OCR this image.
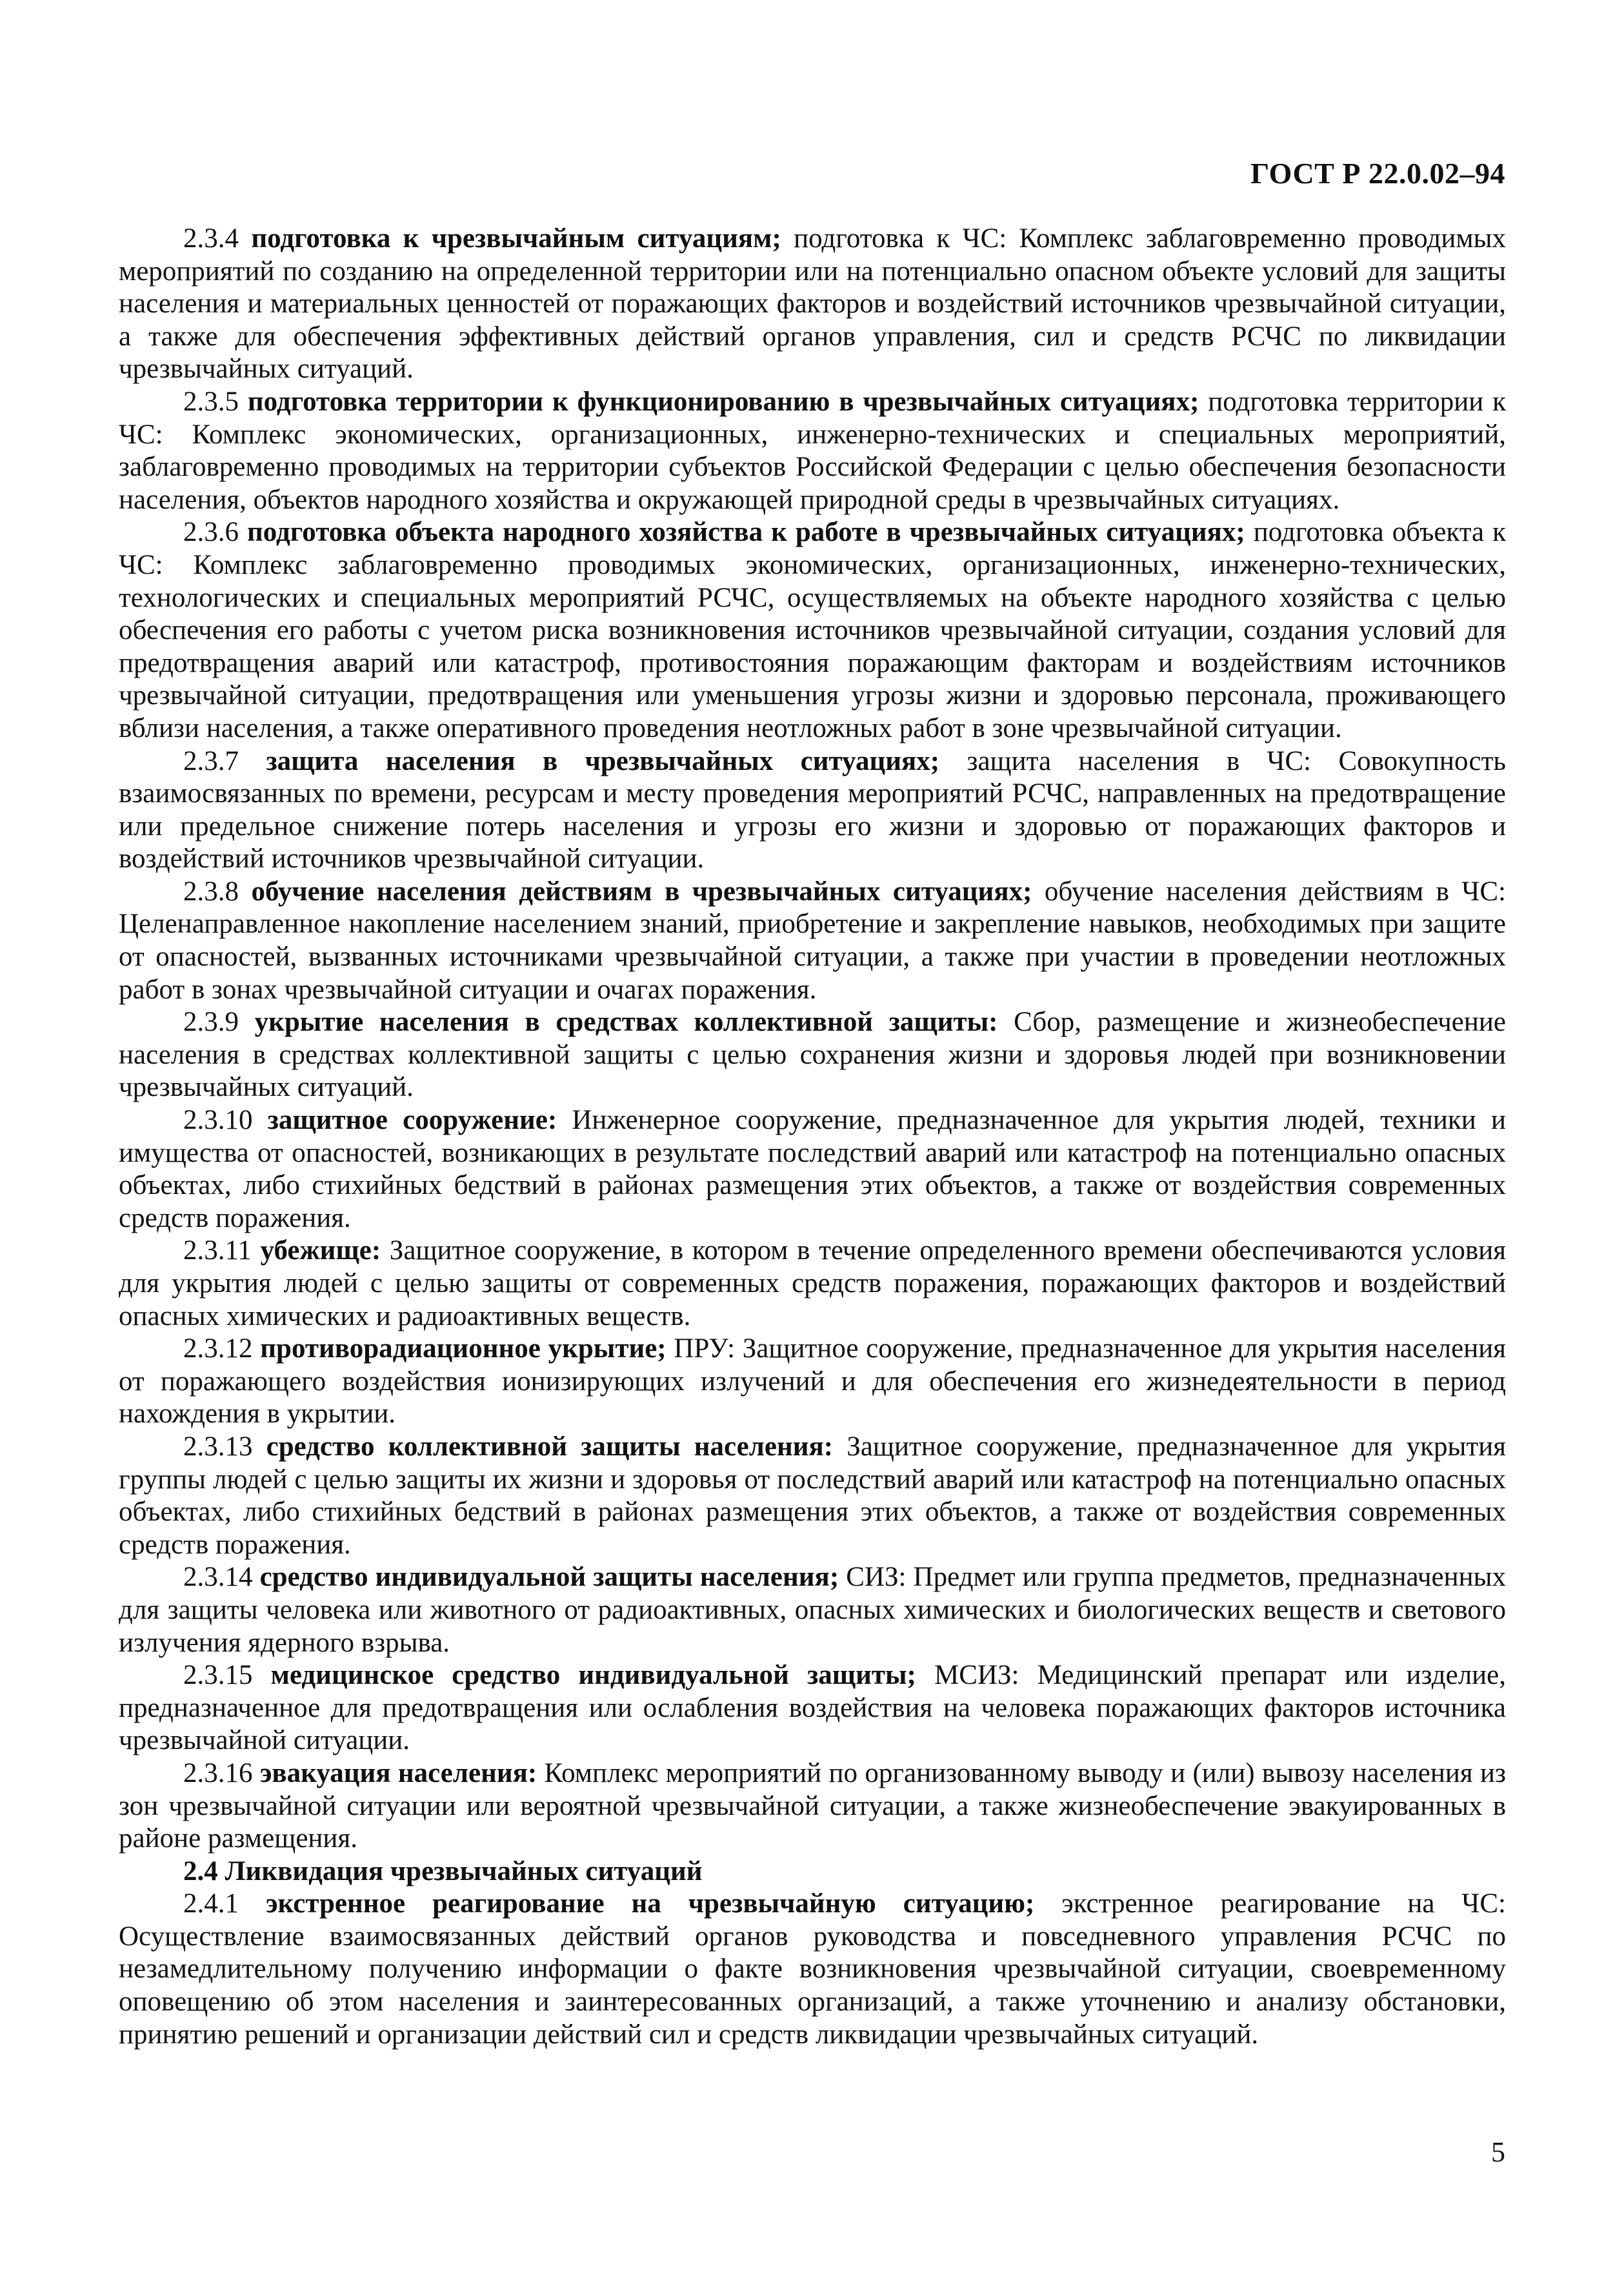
ГОСТ Р 22.0.02–94

2.3.4 подготовка к чрезвычайным ситуациям; подготовка к ЧС: Комплекс заблаговременно проводимых мероприятий по созданию на определенной территории или на потенциально опасном объекте условий для защиты населения и материальных ценностей от поражающих факторов и воздействий источников чрезвычайной ситуации, а также для обеспечения эффективных действий органов управления, сил и средств РСЧС по ликвидации чрезвычайных ситуаций.

2.3.5 подготовка территории к функционированию в чрезвычайных ситуациях; подготовка территории к ЧС: Комплекс экономических, организационных, инженерно-технических и специальных мероприятий, заблаговременно проводимых на территории субъектов Российской Федерации с целью обеспечения безопасности населения, объектов народного хозяйства и окружающей природной среды в чрезвычайных ситуациях.

2.3.6 подготовка объекта народного хозяйства к работе в чрезвычайных ситуациях; подготовка объекта к ЧС: Комплекс заблаговременно проводимых экономических, организационных, инженерно-технических, технологических и специальных мероприятий РСЧС, осуществляемых на объекте народного хозяйства с целью обеспечения его работы с учетом риска возникновения источников чрезвычайной ситуации, создания условий для предотвращения аварий или катастроф, противостояния поражающим факторам и воздействиям источников чрезвычайной ситуации, предотвращения или уменьшения угрозы жизни и здоровью персонала, проживающего вблизи населения, а также оперативного проведения неотложных работ в зоне чрезвычайной ситуации.

2.3.7 защита населения в чрезвычайных ситуациях; защита населения в ЧС: Совокупность взаимосвязанных по времени, ресурсам и месту проведения мероприятий РСЧС, направленных на предотвращение или предельное снижение потерь населения и угрозы его жизни и здоровью от поражающих факторов и воздействий источников чрезвычайной ситуации.

2.3.8 обучение населения действиям в чрезвычайных ситуациях; обучение населения действиям в ЧС: Целенаправленное накопление населением знаний, приобретение и закрепление навыков, необходимых при защите от опасностей, вызванных источниками чрезвычайной ситуации, а также при участии в проведении неотложных работ в зонах чрезвычайной ситуации и очагах поражения.

2.3.9 укрытие населения в средствах коллективной защиты: Сбор, размещение и жизнеобеспечение населения в средствах коллективной защиты с целью сохранения жизни и здоровья людей при возникновении чрезвычайных ситуаций.

2.3.10 защитное сооружение: Инженерное сооружение, предназначенное для укрытия людей, техники и имущества от опасностей, возникающих в результате последствий аварий или катастроф на потенциально опасных объектах, либо стихийных бедствий в районах размещения этих объектов, а также от воздействия современных средств поражения.

2.3.11 убежище: Защитное сооружение, в котором в течение определенного времени обеспечиваются условия для укрытия людей с целью защиты от современных средств поражения, поражающих факторов и воздействий опасных химических и радиоактивных веществ.

2.3.12 противорадиационное укрытие; ПРУ: Защитное сооружение, предназначенное для укрытия населения от поражающего воздействия ионизирующих излучений и для обеспечения его жизнедеятельности в период нахождения в укрытии.

2.3.13 средство коллективной защиты населения: Защитное сооружение, предназначенное для укрытия группы людей с целью защиты их жизни и здоровья от последствий аварий или катастроф на потенциально опасных объектах, либо стихийных бедствий в районах размещения этих объектов, а также от воздействия современных средств поражения.

2.3.14 средство индивидуальной защиты населения; СИЗ: Предмет или группа предметов, предназначенных для защиты человека или животного от радиоактивных, опасных химических и биологических веществ и светового излучения ядерного взрыва.

2.3.15 медицинское средство индивидуальной защиты; МСИЗ: Медицинский препарат или изделие, предназначенное для предотвращения или ослабления воздействия на человека поражающих факторов источника чрезвычайной ситуации.

2.3.16 эвакуация населения: Комплекс мероприятий по организованному выводу и (или) вывозу населения из зон чрезвычайной ситуации или вероятной чрезвычайной ситуации, а также жизнеобеспечение эвакуированных в районе размещения.

2.4 Ликвидация чрезвычайных ситуаций

2.4.1 экстренное реагирование на чрезвычайную ситуацию; экстренное реагирование на ЧС: Осуществление взаимосвязанных действий органов руководства и повседневного управления РСЧС по незамедлительному получению информации о факте возникновения чрезвычайной ситуации, своевременному оповещению об этом населения и заинтересованных организаций, а также уточнению и анализу обстановки, принятию решений и организации действий сил и средств ликвидации чрезвычайных ситуаций.

5
